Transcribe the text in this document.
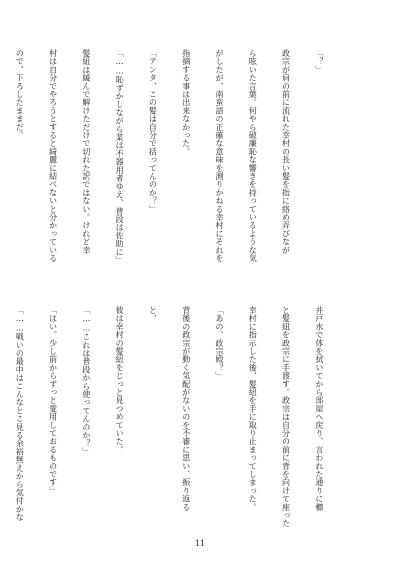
「？」

政宗が肩の前に流れた幸村の長い髪を指に絡め弄びなが

ら呟いた言葉。何やら破廉恥な響きを持っているような気

がしたが、南蛮語の正確な意味を測りかねる幸村にそれを

指摘する事は出来なかった。

「アンタ、この髪は自分で括ってんのか？」

「……恥ずかしながら某は不器用者ゆえ、普段は佐助に」

髪紐は緩んで解けただけで切れた訳ではない。けれど幸

村は自分でやろうとすると綺麗に結べないと分かっている

ので、下ろしたままだ。

井戸水で体を拭いてから部屋へ戻り、言われた通りに櫛

と髪紐を政宗に手渡す。政宗は自分の前に背を向けて座った

幸村に指示した後、髪紐を手に取り止まってしまった。

「あの、政宗殿？」

背後の政宗が動く気配がないのを不審に思い、振り返る

と、

彼は幸村の髪紐をじっと見つめていた。

「……これは普段から使ってんのか？」

「はい。少し前からずっと愛用しておるものです」

「……戦いの最中はこんなとこ見る余裕無えから気付かな

11
